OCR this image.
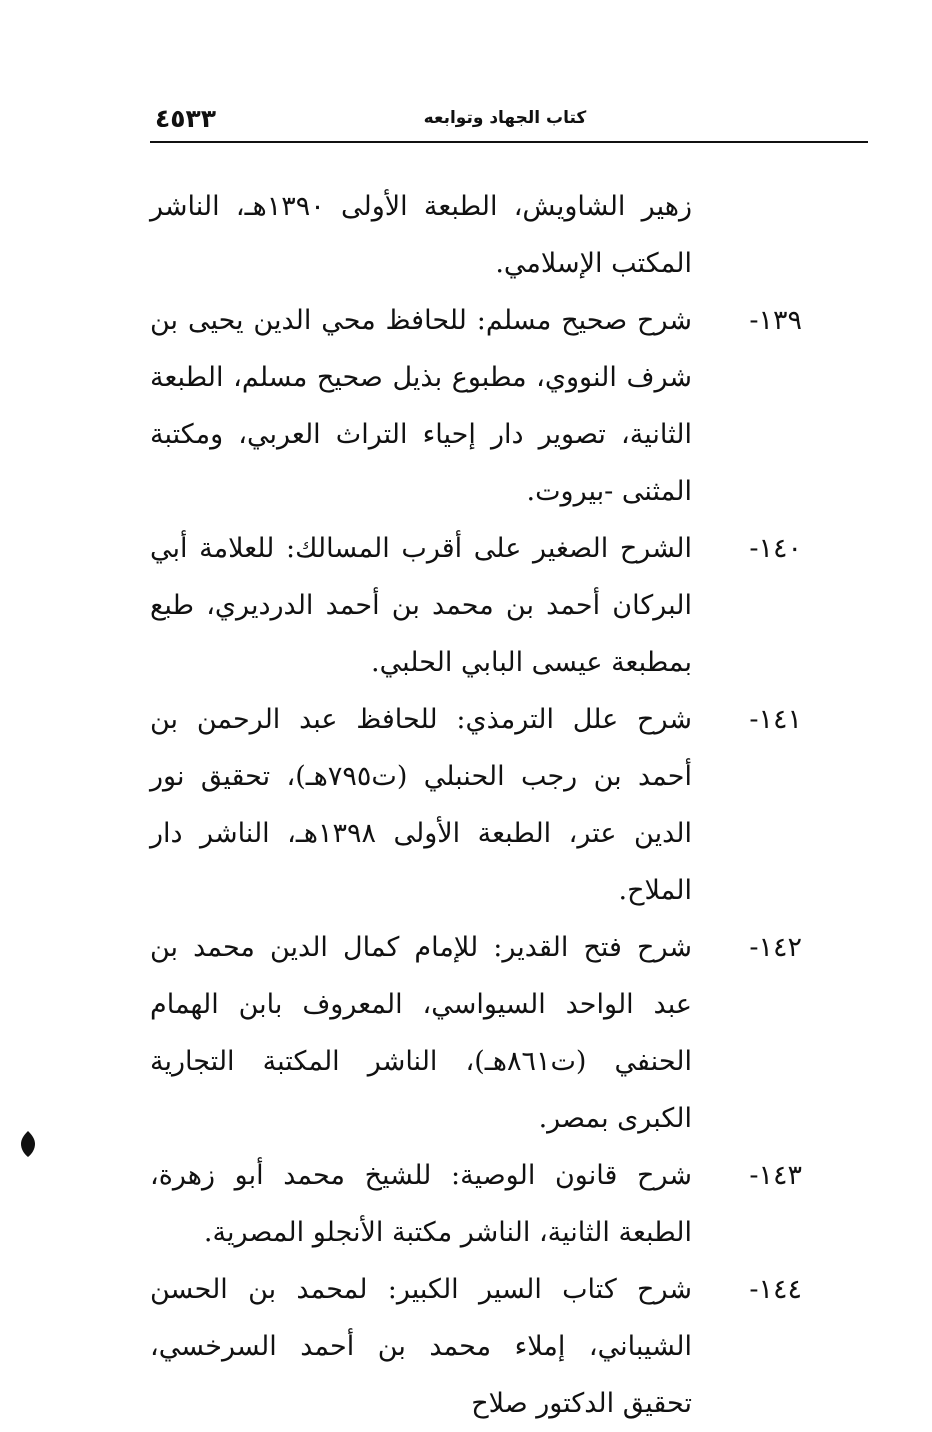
٤٥٣٣	كتاب الجهاد وتوابعه
زهير الشاويش، الطبعة الأولى ١٣٩٠هـ، الناشر المكتب الإسلامي.
١٣٩-
شرح صحيح مسلم: للحافظ محي الدين يحيى بن شرف النووي، مطبوع بذيل صحيح مسلم، الطبعة الثانية، تصوير دار إحياء التراث العربي، ومكتبة المثنى -بيروت.
١٤٠-
الشرح الصغير على أقرب المسالك: للعلامة أبي البركان أحمد بن محمد بن أحمد الدرديري، طبع بمطبعة عيسى البابي الحلبي.
١٤١-
شرح علل الترمذي: للحافظ عبد الرحمن بن أحمد بن رجب الحنبلي (ت٧٩٥هـ)، تحقيق نور الدين عتر، الطبعة الأولى ١٣٩٨هـ، الناشر دار الملاح.
١٤٢-
شرح فتح القدير: للإمام كمال الدين محمد بن عبد الواحد السيواسي، المعروف بابن الهمام الحنفي (ت٨٦١هـ)، الناشر المكتبة التجارية الكبرى بمصر.
١٤٣-
شرح قانون الوصية: للشيخ محمد أبو زهرة، الطبعة الثانية، الناشر مكتبة الأنجلو المصرية.
١٤٤-
شرح كتاب السير الكبير: لمحمد بن الحسن الشيباني، إملاء محمد بن أحمد السرخسي، تحقيق الدكتور صلاح
